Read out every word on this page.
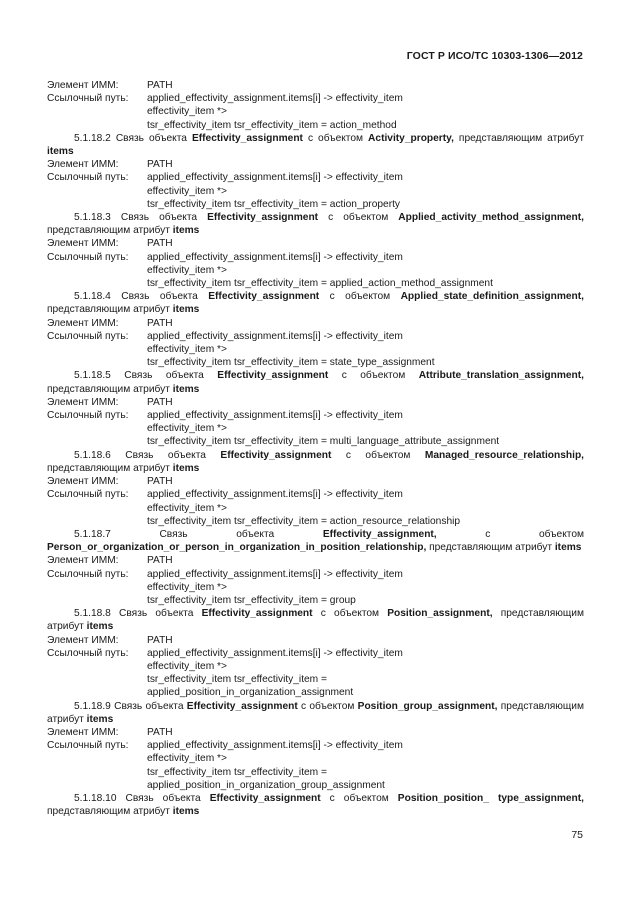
ГОСТ Р ИСО/ТС 10303-1306—2012
Элемент ИММ:	PATH
Ссылочный путь:	applied_effectivity_assignment.items[i] -> effectivity_item
effectivity_item *>
tsr_effectivity_item tsr_effectivity_item = action_method
5.1.18.2 Связь объекта Effectivity_assignment с объектом Activity_property, представляющим атрибут items
Элемент ИММ:	PATH
Ссылочный путь:	applied_effectivity_assignment.items[i] -> effectivity_item
effectivity_item *>
tsr_effectivity_item tsr_effectivity_item = action_property
5.1.18.3 Связь объекта Effectivity_assignment с объектом Applied_activity_method_assignment, представляющим атрибут items
Элемент ИММ:	PATH
Ссылочный путь:	applied_effectivity_assignment.items[i] -> effectivity_item
effectivity_item *>
tsr_effectivity_item tsr_effectivity_item = applied_action_method_assignment
5.1.18.4 Связь объекта Effectivity_assignment с объектом Applied_state_definition_assignment, представляющим атрибут items
Элемент ИММ:	PATH
Ссылочный путь:	applied_effectivity_assignment.items[i] -> effectivity_item
effectivity_item *>
tsr_effectivity_item tsr_effectivity_item = state_type_assignment
5.1.18.5 Связь объекта Effectivity_assignment с объектом Attribute_translation_assignment, представляющим атрибут items
Элемент ИММ:	PATH
Ссылочный путь:	applied_effectivity_assignment.items[i] -> effectivity_item
effectivity_item *>
tsr_effectivity_item tsr_effectivity_item = multi_language_attribute_assignment
5.1.18.6 Связь объекта Effectivity_assignment с объектом Managed_resource_relationship, представляющим атрибут items
Элемент ИММ:	PATH
Ссылочный путь:	applied_effectivity_assignment.items[i] -> effectivity_item
effectivity_item *>
tsr_effectivity_item tsr_effectivity_item = action_resource_relationship
5.1.18.7 Связь объекта Effectivity_assignment, с объектом Person_or_organization_or_person_in_organization_in_position_relationship, представляющим атрибут items
Элемент ИММ:	PATH
Ссылочный путь:	applied_effectivity_assignment.items[i] -> effectivity_item
effectivity_item *>
tsr_effectivity_item tsr_effectivity_item = group
5.1.18.8 Связь объекта Effectivity_assignment с объектом Position_assignment, представляющим атрибут items
Элемент ИММ:	PATH
Ссылочный путь:	applied_effectivity_assignment.items[i] -> effectivity_item
effectivity_item *>
tsr_effectivity_item tsr_effectivity_item =
applied_position_in_organization_assignment
5.1.18.9 Связь объекта Effectivity_assignment с объектом Position_group_assignment, представляющим атрибут items
Элемент ИММ:	PATH
Ссылочный путь:	applied_effectivity_assignment.items[i] -> effectivity_item
effectivity_item *>
tsr_effectivity_item tsr_effectivity_item =
applied_position_in_organization_group_assignment
5.1.18.10 Связь объекта Effectivity_assignment с объектом Position_position_ type_assignment, представляющим атрибут items
75
